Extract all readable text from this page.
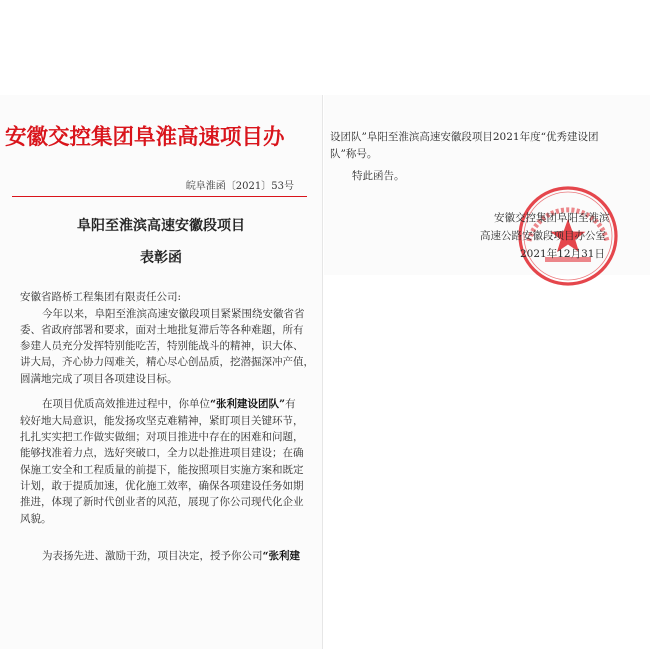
安徽交控集团阜淮高速项目办
皖阜淮函〔2021〕53号
阜阳至淮滨高速安徽段项目
表彰函
安徽省路桥工程集团有限责任公司:
今年以来，阜阳至淮滨高速安徽段项目紧紧围绕安徽省省
委、省政府部署和要求，面对土地批复滞后等各种难题，所有
参建人员充分发挥特别能吃苦，特别能战斗的精神，识大体、
讲大局，齐心协力闯难关，精心尽心创品质，挖潜掘深冲产值，
圆满地完成了项目各项建设目标。
在项目优质高效推进过程中，你单位“张利建设团队”有
较好地大局意识，能发扬攻坚克难精神，紧盯项目关键环节，
扎扎实实把工作做实做细；对项目推进中存在的困难和问题，
能够找准着力点，选好突破口，全力以赴推进项目建设；在确
保施工安全和工程质量的前提下，能按照项目实施方案和既定
计划，敢于提质加速，优化施工效率，确保各项建设任务如期
推进，体现了新时代创业者的风范，展现了你公司现代化企业
风貌。
为表扬先进、激励干劲，项目决定，授予你公司“张利建
设团队”阜阳至淮滨高速安徽段项目2021年度“优秀建设团
队”称号。
特此函告。
安徽交控集团阜阳至淮滨
高速公路安徽段项目办公室
2021年12月31日
